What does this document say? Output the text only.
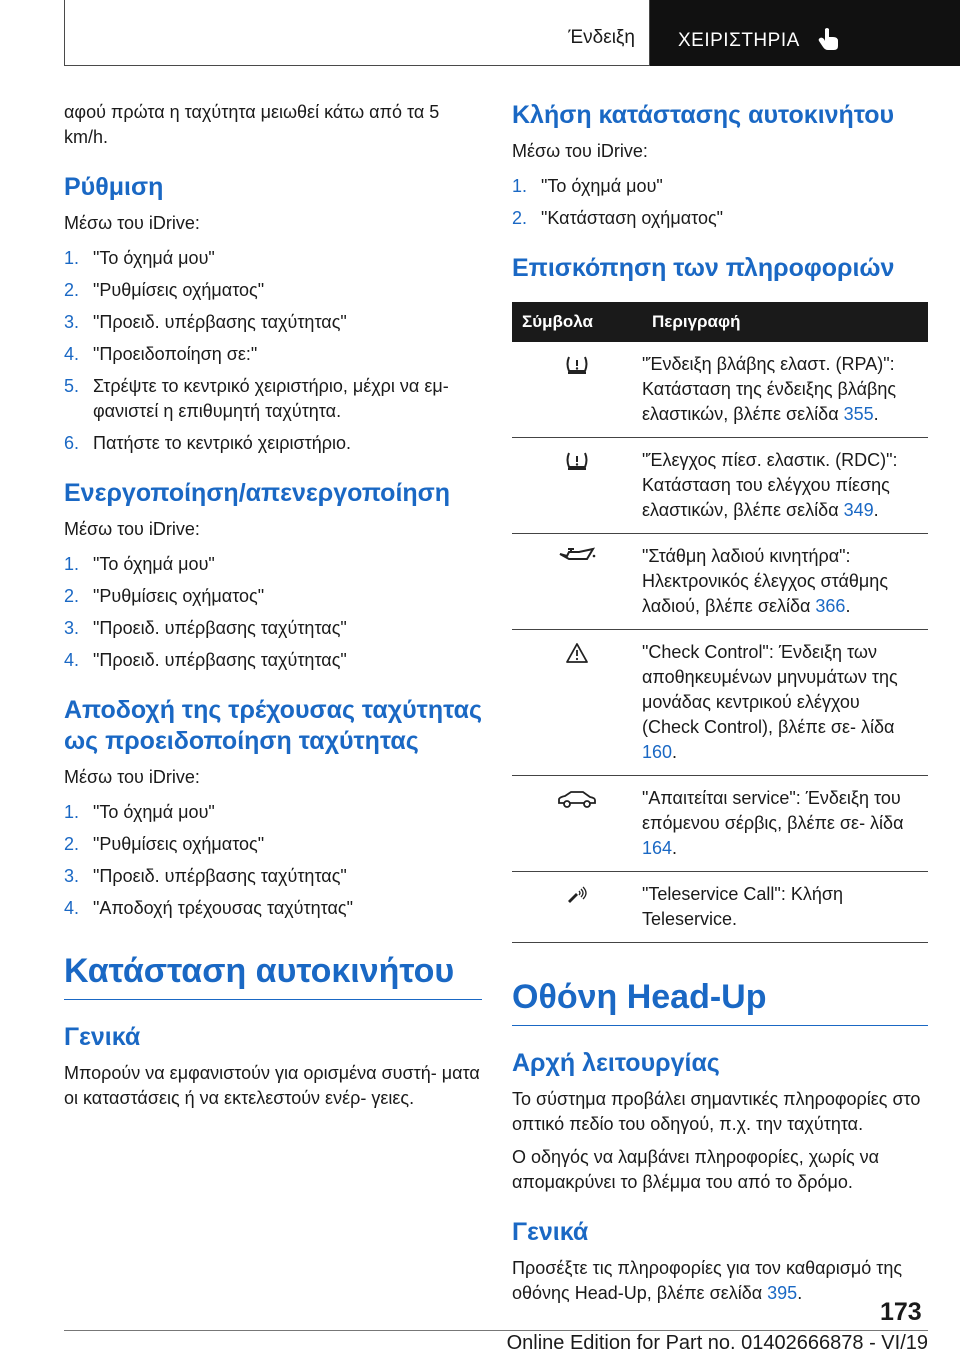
Ένδειξη ΧΕΙΡΙΣΤΗΡΙΑ

αφού πρώτα η ταχύτητα μειωθεί κάτω από τα 5 km/h.

Ρύθμιση

Μέσω του iDrive:

1. "Το όχημά μου"
2. "Ρυθμίσεις οχήματος"
3. "Προειδ. υπέρβασης ταχύτητας"
4. "Προειδοποίηση σε:"
5. Στρέψτε το κεντρικό χειριστήριο, μέχρι να εμ- φανιστεί η επιθυμητή ταχύτητα.
6. Πατήστε το κεντρικό χειριστήριο.
Ενεργοποίηση/απενεργοποίηση

Μέσω του iDrive:

1. "Το όχημά μου"
2. "Ρυθμίσεις οχήματος"
3. "Προειδ. υπέρβασης ταχύτητας"
4. "Προειδ. υπέρβασης ταχύτητας"
Αποδοχή της τρέχουσας ταχύτητας ως προειδοποίηση ταχύτητας

Μέσω του iDrive:

1. "Το όχημά μου"
2. "Ρυθμίσεις οχήματος"
3. "Προειδ. υπέρβασης ταχύτητας"
4. "Αποδοχή τρέχουσας ταχύτητας"
Κατάσταση αυτοκινήτου
Γενικά

Μπορούν να εμφανιστούν για ορισμένα συστή- ματα οι καταστάσεις ή να εκτελεστούν ενέρ- γειες.

Κλήση κατάστασης αυτοκινήτου

Μέσω του iDrive:

1. "Το όχημά μου"
2. "Κατάσταση οχήματος"
Επισκόπηση των πληροφοριών
Σύμβολα	Περιγραφή
	"Ένδειξη βλάβης ελαστ. (RPA)": Κατάσταση της ένδειξης βλάβης ελαστικών, βλέπε σελίδα 355.
	"Έλεγχος πίεσ. ελαστικ. (RDC)": Κατάσταση του ελέγχου πίεσης ελαστικών, βλέπε σελίδα 349.
	"Στάθμη λαδιού κινητήρα": Ηλεκτρονικός έλεγχος στάθμης λαδιού, βλέπε σελίδα 366.
	"Check Control": Ένδειξη των αποθηκευμένων μηνυμάτων της μονάδας κεντρικού ελέγχου (Check Control), βλέπε σε- λίδα 160.
	"Απαιτείται service": Ένδειξη του επόμενου σέρβις, βλέπε σε- λίδα 164.
	"Teleservice Call": Κλήση Teleservice.
Οθόνη Head-Up
Αρχή λειτουργίας

Το σύστημα προβάλει σημαντικές πληροφορίες στο οπτικό πεδίο του οδηγού, π.χ. την ταχύτητα.

Ο οδηγός να λαμβάνει πληροφορίες, χωρίς να απομακρύνει το βλέμμα του από το δρόμο.

Γενικά

Προσέξτε τις πληροφορίες για τον καθαρισμό της οθόνης Head-Up, βλέπε σελίδα 395.

173
Online Edition for Part no. 01402666878 - VI/19
